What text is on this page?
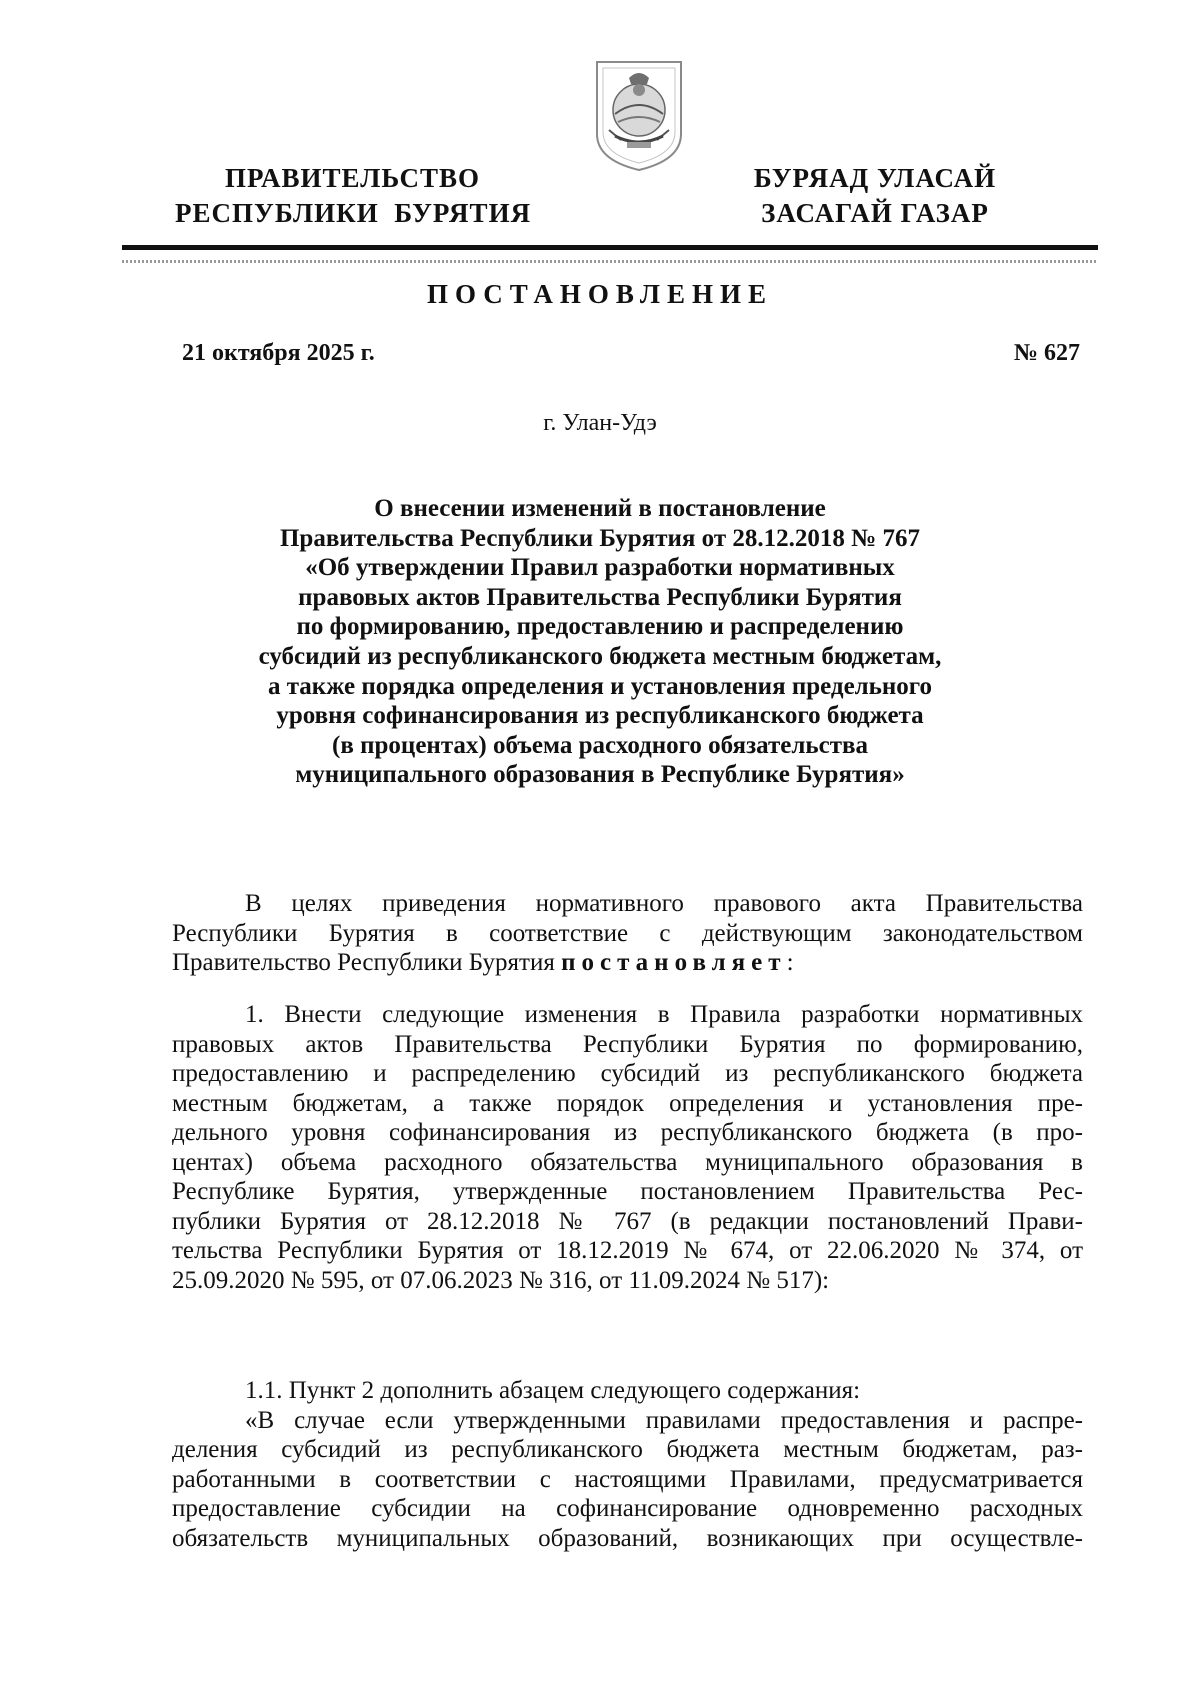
ПРАВИТЕЛЬСТВО
РЕСПУБЛИКИ  БУРЯТИЯ
БУРЯАД УЛАСАЙ
ЗАСАГАЙ ГАЗАР
ПОСТАНОВЛЕНИЕ
21 октября 2025 г.	№ 627
г. Улан-Удэ
О внесении изменений в постановление
Правительства Республики Бурятия от 28.12.2018 № 767
«Об утверждении Правил разработки нормативных
правовых актов Правительства Республики Бурятия
по формированию, предоставлению и распределению
субсидий из республиканского бюджета местным бюджетам,
а также порядка определения и установления предельного
уровня софинансирования из республиканского бюджета
(в процентах) объема расходного обязательства
муниципального образования в Республике Бурятия»
В целях приведения нормативного правового акта Правительства
Республики Бурятия в соответствие с действующим законодательством
Правительство Республики Бурятия постановляет:
1. Внести следующие изменения в Правила разработки нормативных
правовых актов Правительства Республики Бурятия по формированию,
предоставлению и распределению субсидий из республиканского бюджета
местным бюджетам, а также порядок определения и установления пре-
дельного уровня софинансирования из республиканского бюджета (в про-
центах) объема расходного обязательства муниципального образования в
Республике Бурятия, утвержденные постановлением Правительства Рес-
публики Бурятия от 28.12.2018 № 767 (в редакции постановлений Прави-
тельства Республики Бурятия от 18.12.2019 № 674, от 22.06.2020 № 374, от
25.09.2020 № 595, от 07.06.2023 № 316, от 11.09.2024 № 517):
1.1. Пункт 2 дополнить абзацем следующего содержания:
«В случае если утвержденными правилами предоставления и распре-
деления субсидий из республиканского бюджета местным бюджетам, раз-
работанными в соответствии с настоящими Правилами, предусматривается
предоставление субсидии на софинансирование одновременно расходных
обязательств муниципальных образований, возникающих при осуществле-
